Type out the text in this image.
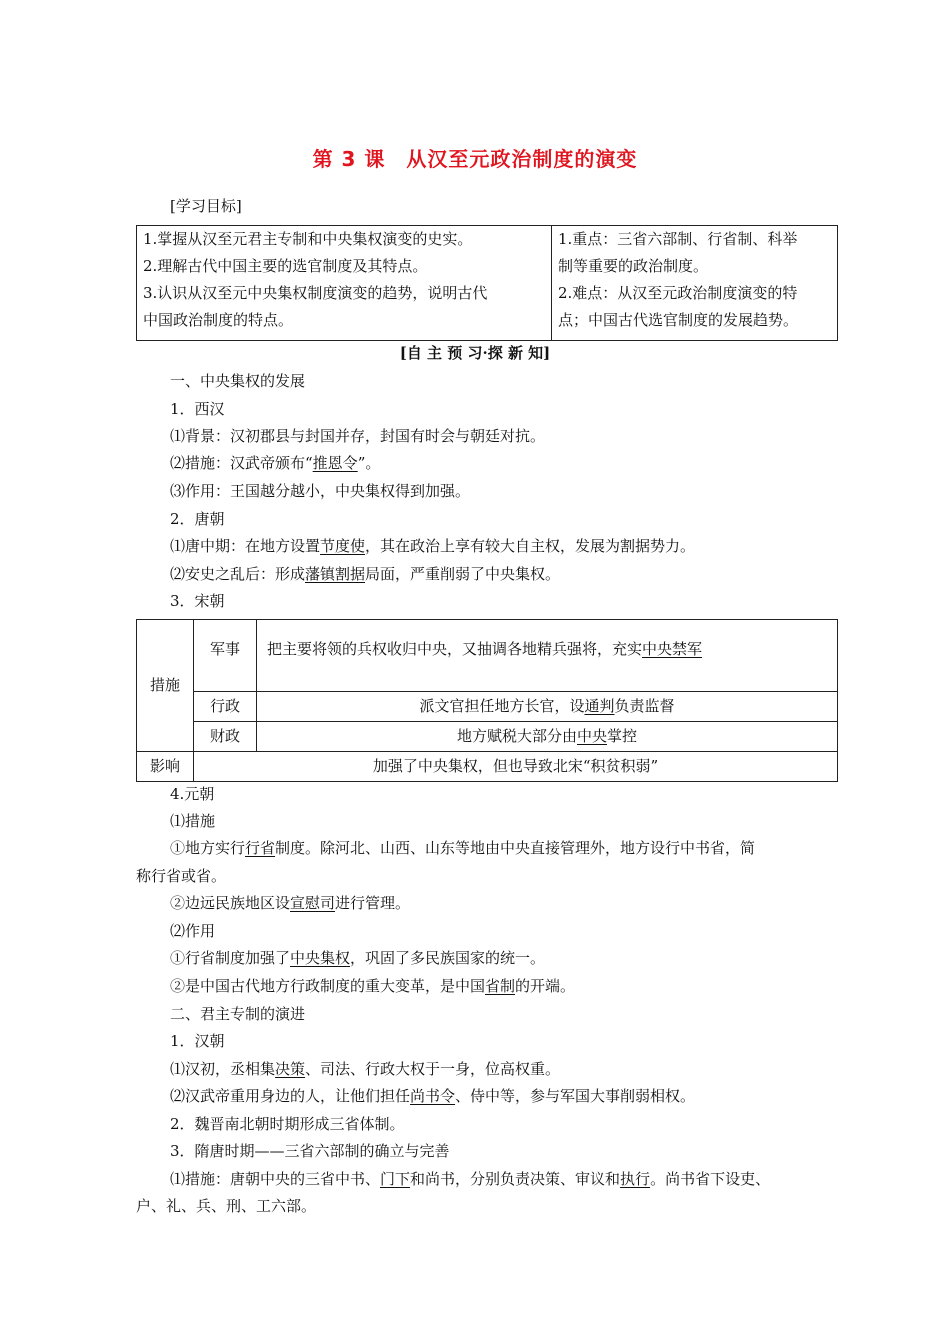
第 3 课　从汉至元政治制度的演变
[学习目标]
1.掌握从汉至元君主专制和中央集权演变的史实。
2.理解古代中国主要的选官制度及其特点。
3.认识从汉至元中央集权制度演变的趋势，说明古代
中国政治制度的特点。

1.重点：三省六部制、行省制、科举
制等重要的政治制度。
2.难点：从汉至元政治制度演变的特
点；中国古代选官制度的发展趋势。
[自 主 预 习·探 新 知]
一、中央集权的发展
1．西汉
⑴背景：汉初郡县与封国并存，封国有时会与朝廷对抗。
⑵措施：汉武帝颁布“推恩令”。
⑶作用：王国越分越小，中央集权得到加强。
2．唐朝
⑴唐中期：在地方设置节度使，其在政治上享有较大自主权，发展为割据势力。
⑵安史之乱后：形成藩镇割据局面，严重削弱了中央集权。
3．宋朝
措施	军事	把主要将领的兵权收归中央，又抽调各地精兵强将，充实中央禁军
	行政	派文官担任地方长官，设通判负责监督
	财政	地方赋税大部分由中央掌控
影响	加强了中央集权，但也导致北宋“积贫积弱”	
4.元朝
⑴措施
①地方实行行省制度。除河北、山西、山东等地由中央直接管理外，地方设行中书省，简
称行省或省。
②边远民族地区设宣慰司进行管理。
⑵作用
①行省制度加强了中央集权，巩固了多民族国家的统一。
②是中国古代地方行政制度的重大变革，是中国省制的开端。
二、君主专制的演进
1．汉朝
⑴汉初，丞相集决策、司法、行政大权于一身，位高权重。
⑵汉武帝重用身边的人，让他们担任尚书令、侍中等，参与军国大事削弱相权。
2．魏晋南北朝时期形成三省体制。
3．隋唐时期——三省六部制的确立与完善
⑴措施：唐朝中央的三省中书、门下和尚书，分别负责决策、审议和执行。尚书省下设吏、
户、礼、兵、刑、工六部。
